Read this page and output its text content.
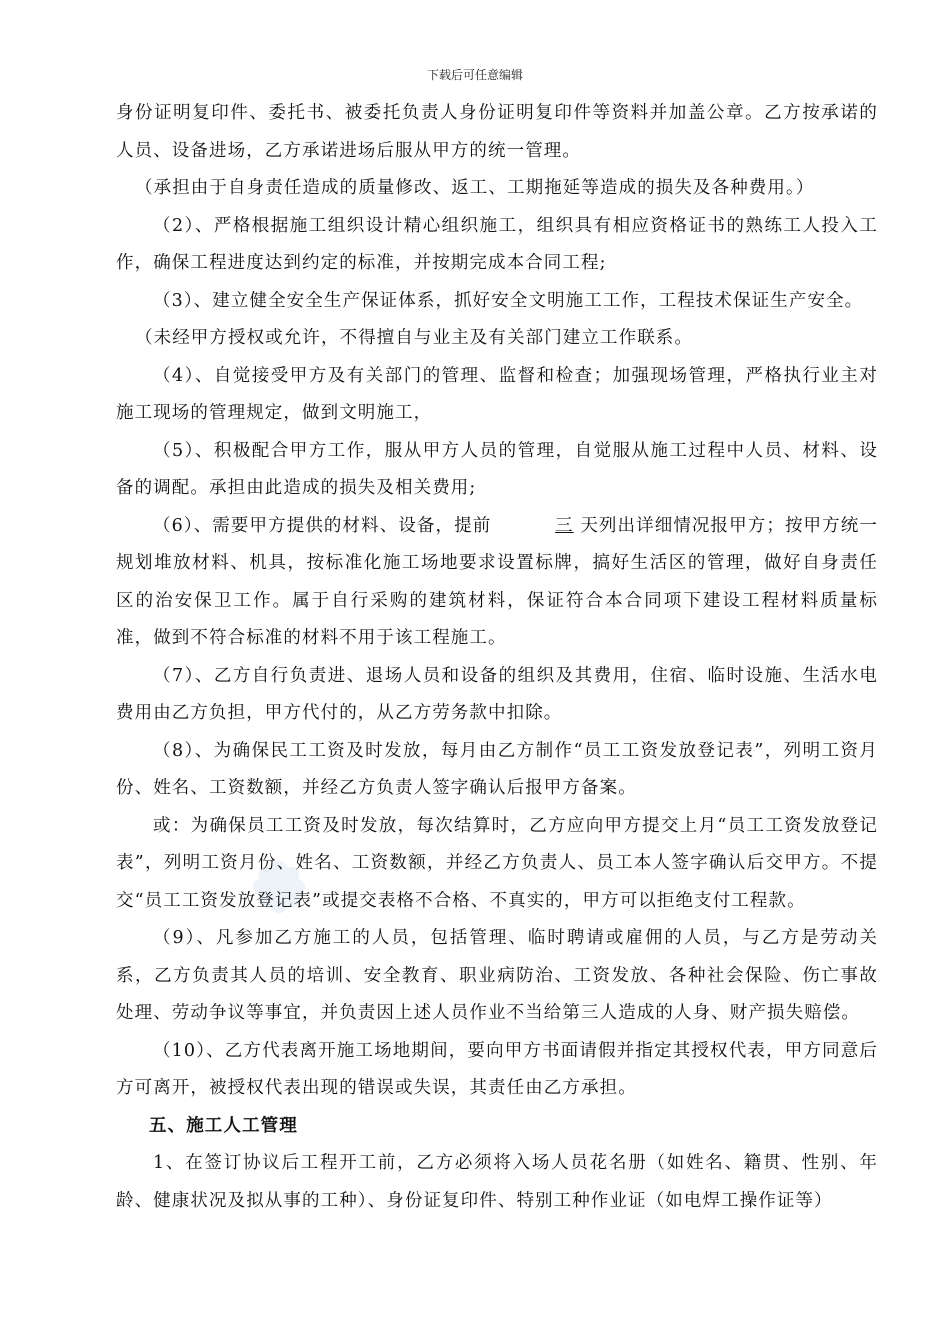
下载后可任意编辑

身份证明复印件、委托书、被委托负责人身份证明复印件等资料并加盖公章。乙方按承诺的人员、设备进场，乙方承诺进场后服从甲方的统一管理。

（承担由于自身责任造成的质量修改、返工、工期拖延等造成的损失及各种费用。）

（2）、严格根据施工组织设计精心组织施工，组织具有相应资格证书的熟练工人投入工作，确保工程进度达到约定的标准，并按期完成本合同工程;

（3）、建立健全安全生产保证体系，抓好安全文明施工工作，工程技术保证生产安全。

（未经甲方授权或允许，不得擅自与业主及有关部门建立工作联系。

（4）、自觉接受甲方及有关部门的管理、监督和检查；加强现场管理，严格执行业主对施工现场的管理规定，做到文明施工，

（5）、积极配合甲方工作，服从甲方人员的管理，自觉服从施工过程中人员、材料、设备的调配。承担由此造成的损失及相关费用;

（6）、需要甲方提供的材料、设备，提前	三 天列出详细情况报甲方；按甲方统一规划堆放材料、机具，按标准化施工场地要求设置标牌，搞好生活区的管理，做好自身责任区的治安保卫工作。属于自行采购的建筑材料，保证符合本合同项下建设工程材料质量标准，做到不符合标准的材料不用于该工程施工。

（7）、乙方自行负责进、退场人员和设备的组织及其费用，住宿、临时设施、生活水电费用由乙方负担，甲方代付的，从乙方劳务款中扣除。

（8）、为确保民工工资及时发放，每月由乙方制作“员工工资发放登记表”，列明工资月份、姓名、工资数额，并经乙方负责人签字确认后报甲方备案。

或：为确保员工工资及时发放，每次结算时，乙方应向甲方提交上月“员工工资发放登记表”，列明工资月份、姓名、工资数额，并经乙方负责人、员工本人签字确认后交甲方。不提交“员工工资发放登记表”或提交表格不合格、不真实的，甲方可以拒绝支付工程款。

（9）、凡参加乙方施工的人员，包括管理、临时聘请或雇佣的人员，与乙方是劳动关系，乙方负责其人员的培训、安全教育、职业病防治、工资发放、各种社会保险、伤亡事故处理、劳动争议等事宜，并负责因上述人员作业不当给第三人造成的人身、财产损失赔偿。

（10）、乙方代表离开施工场地期间，要向甲方书面请假并指定其授权代表，甲方同意后方可离开，被授权代表出现的错误或失误，其责任由乙方承担。

五、施工人工管理

1、在签订协议后工程开工前，乙方必须将入场人员花名册（如姓名、籍贯、性别、年龄、健康状况及拟从事的工种）、身份证复印件、特别工种作业证（如电焊工操作证等）
